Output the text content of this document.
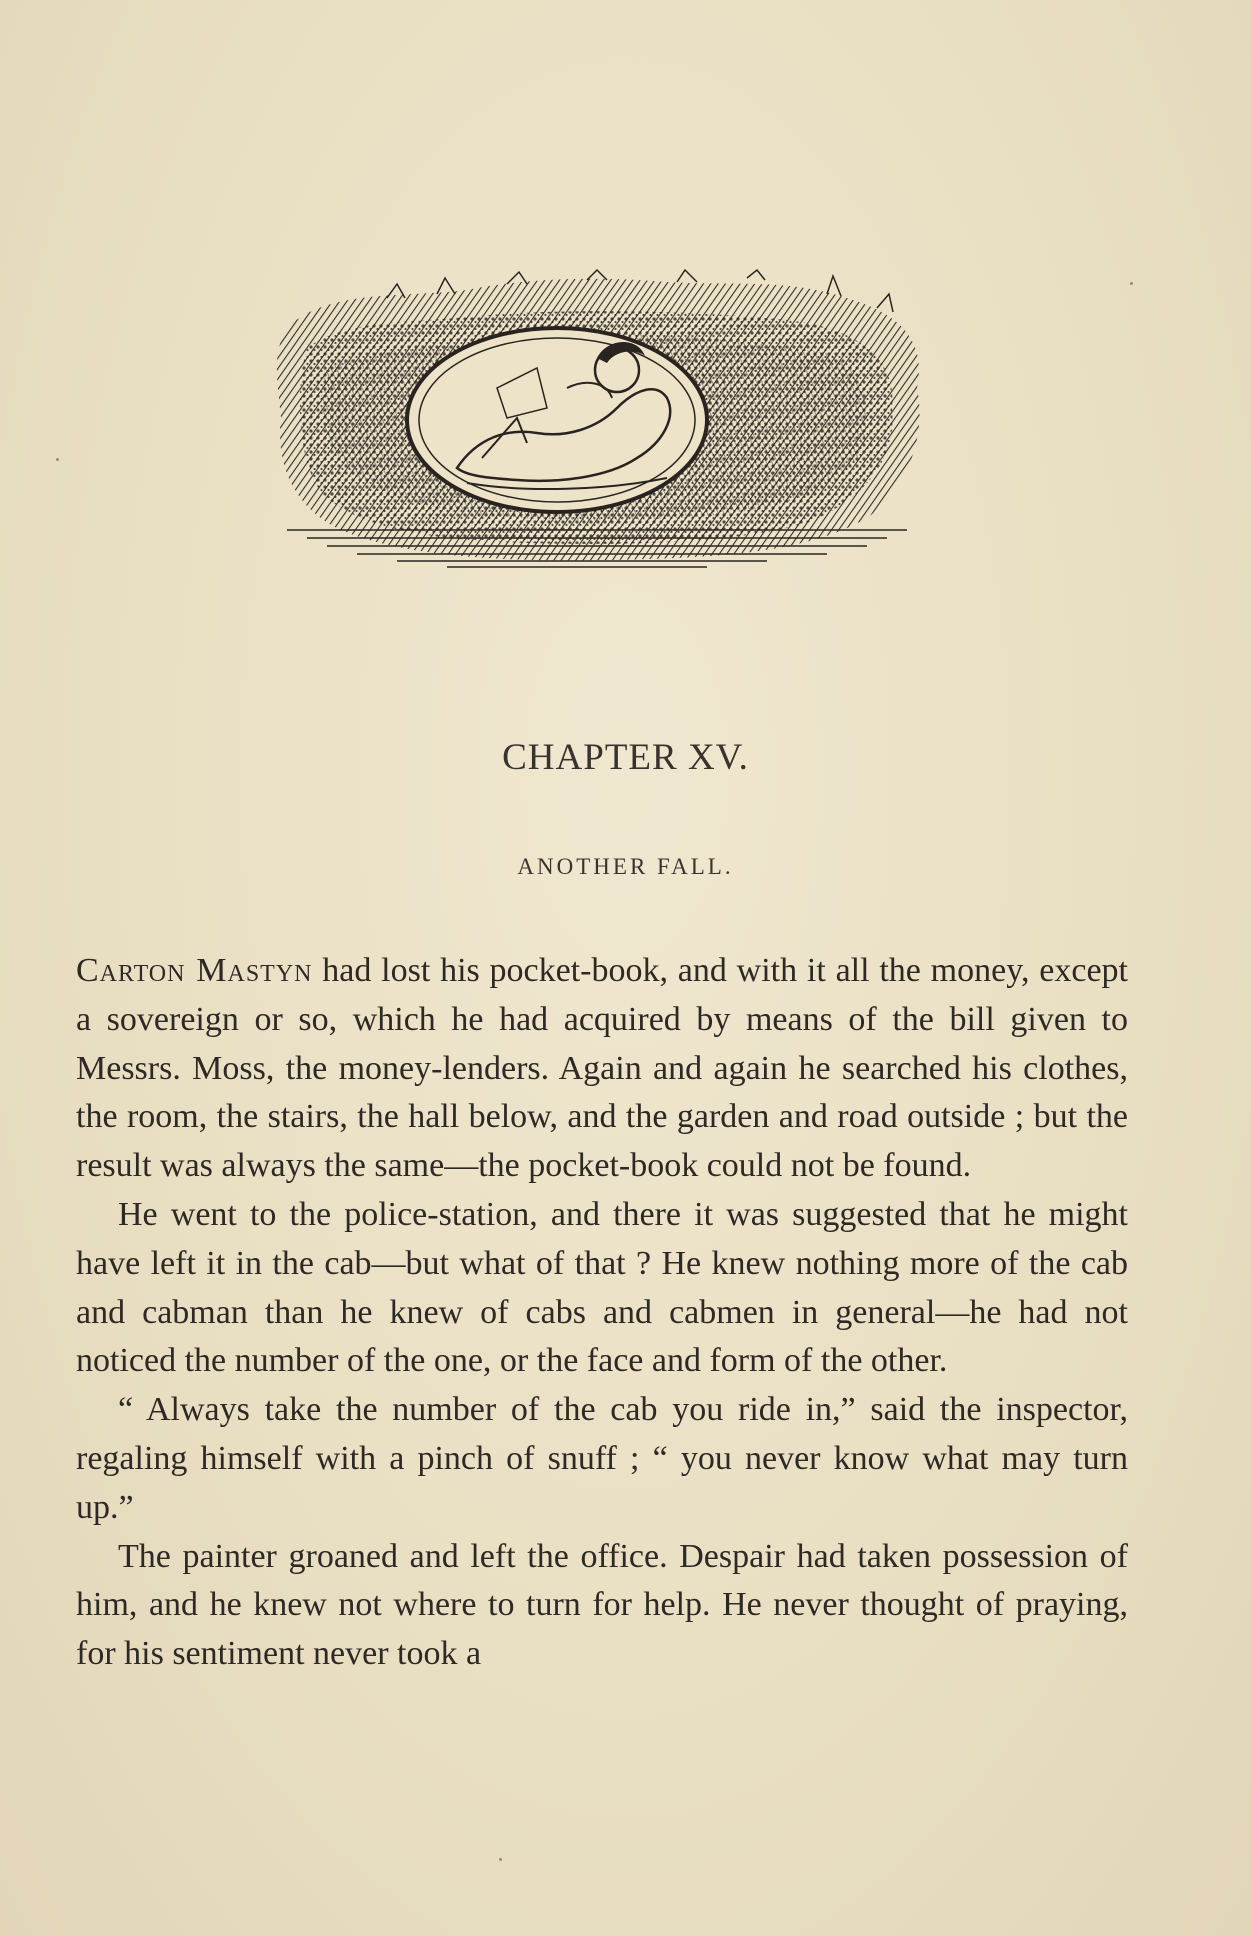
CHAPTER XV.
ANOTHER FALL.

Carton Mastyn had lost his pocket-book, and with it all the money, except a sovereign or so, which he had acquired by means of the bill given to Messrs. Moss, the money-lenders. Again and again he searched his clothes, the room, the stairs, the hall below, and the garden and road outside ; but the result was always the same—the pocket-book could not be found.

He went to the police-station, and there it was suggested that he might have left it in the cab—but what of that ? He knew nothing more of the cab and cabman than he knew of cabs and cabmen in general—he had not noticed the number of the one, or the face and form of the other.

“ Always take the number of the cab you ride in,” said the inspector, regaling himself with a pinch of snuff ; “ you never know what may turn up.”

The painter groaned and left the office. Despair had taken possession of him, and he knew not where to turn for help. He never thought of praying, for his sentiment never took a
